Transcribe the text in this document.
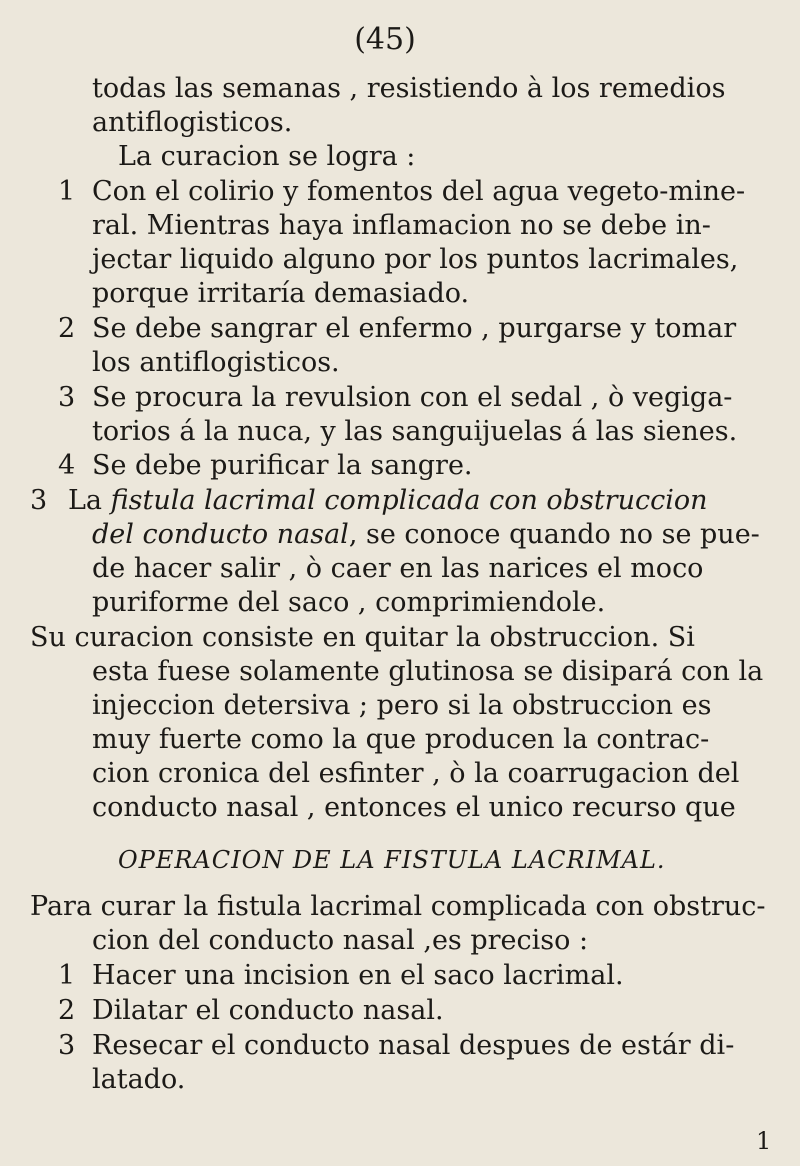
(45)
todas las semanas , resistiendo à los remedios
antiflogisticos.
La curacion se logra :
1 Con el colirio y fomentos del agua vegeto-mine-
ral. Mientras haya inflamacion no se debe in-
jectar liquido alguno por los puntos lacrimales,
porque irritaría demasiado.
2 Se debe sangrar el enfermo , purgarse y tomar
los antiflogisticos.
3 Se procura la revulsion con el sedal , ò vegiga-
torios á la nuca, y las sanguijuelas á las sienes.
4 Se debe purificar la sangre.
3 La fistula lacrimal complicada con obstruccion
del conducto nasal, se conoce quando no se pue-
de hacer salir , ò caer en las narices el moco
puriforme del saco , comprimiendole.
Su curacion consiste en quitar la obstruccion. Si
esta fuese solamente glutinosa se disipará con la
injeccion detersiva ; pero si la obstruccion es
muy fuerte como la que producen la contrac-
cion cronica del esfinter , ò la coarrugacion del
conducto nasal , entonces el unico recurso que
OPERACION DE LA FISTULA LACRIMAL.
Para curar la fistula lacrimal complicada con obstruc-
cion del conducto nasal ,es preciso :
1 Hacer una incision en el saco lacrimal.
2 Dilatar el conducto nasal.
3 Resecar el conducto nasal despues de estár di-
latado.
1
